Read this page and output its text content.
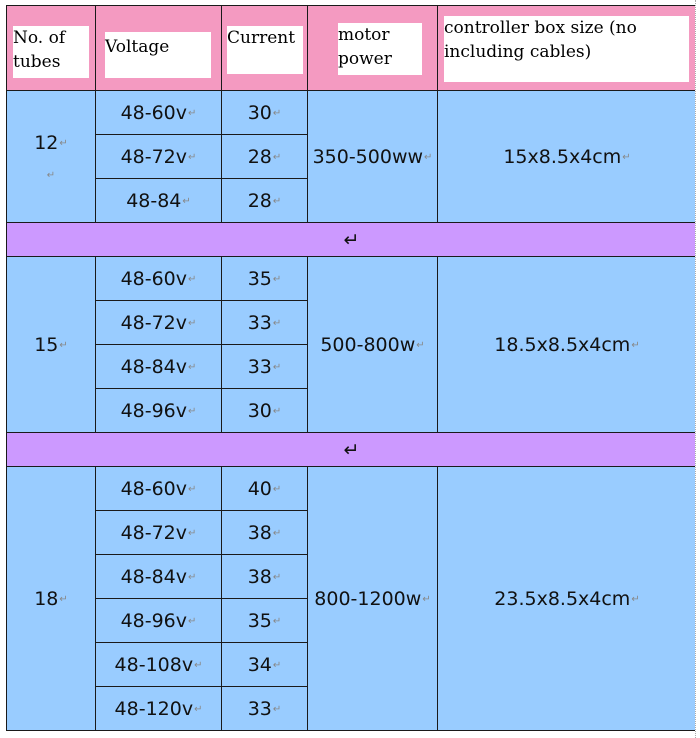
No. of tubes	Voltage	Current	motor power	controller box size (no including cables)

12↵
↵	48-60v↵	30↵	350-500ww↵	15x8.5x4cm↵
	48-72v↵	28↵		
	48-84↵	28↵		
↵				
15↵	48-60v↵	35↵	500-800w↵	18.5x8.5x4cm↵
	48-72v↵	33↵		
	48-84v↵	33↵		
	48-96v↵	30↵		
↵				
18↵	48-60v↵	40↵	800-1200w↵	23.5x8.5x4cm↵
	48-72v↵	38↵		
	48-84v↵	38↵		
	48-96v↵	35↵		
	48-108v↵	34↵		
	48-120v↵	33↵		
